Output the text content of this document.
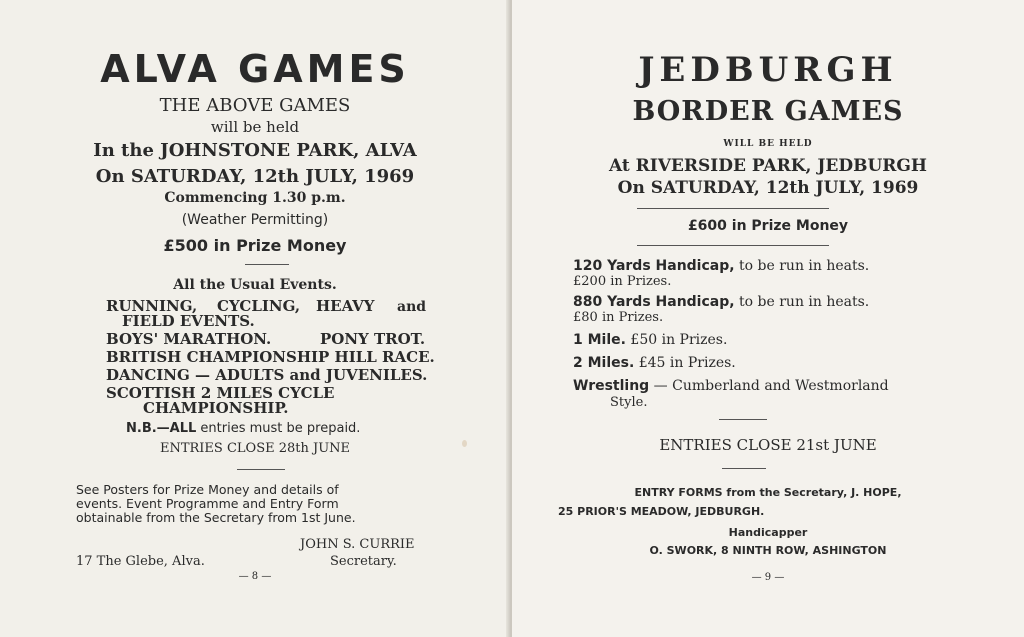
ALVA GAMES
THE ABOVE GAMES
will be held
In the JOHNSTONE PARK, ALVA
On SATURDAY, 12th JULY, 1969
Commencing 1.30 p.m.
(Weather Permitting)
£500 in Prize Money
All the Usual Events.
RUNNING, CYCLING, HEAVY and
FIELD EVENTS.
BOYS' MARATHON.	PONY TROT.
BRITISH CHAMPIONSHIP HILL RACE.
DANCING — ADULTS and JUVENILES.
SCOTTISH 2 MILES CYCLE
CHAMPIONSHIP.
N.B.—ALL entries must be prepaid.
ENTRIES CLOSE 28th JUNE
See Posters for Prize Money and details of
events. Event Programme and Entry Form
obtainable from the Secretary from 1st June.
JOHN S. CURRIE
17 The Glebe, Alva.	Secretary.
— 8 —
JEDBURGH
BORDER GAMES
WILL BE HELD
At RIVERSIDE PARK, JEDBURGH
On SATURDAY, 12th JULY, 1969
£600 in Prize Money
120 Yards Handicap, to be run in heats.
£200 in Prizes.
880 Yards Handicap, to be run in heats.
£80 in Prizes.
1 Mile. £50 in Prizes.
2 Miles. £45 in Prizes.
Wrestling — Cumberland and Westmorland
Style.
ENTRIES CLOSE 21st JUNE
ENTRY FORMS from the Secretary, J. HOPE,
25 PRIOR'S MEADOW, JEDBURGH.
Handicapper
O. SWORK, 8 NINTH ROW, ASHINGTON
— 9 —
